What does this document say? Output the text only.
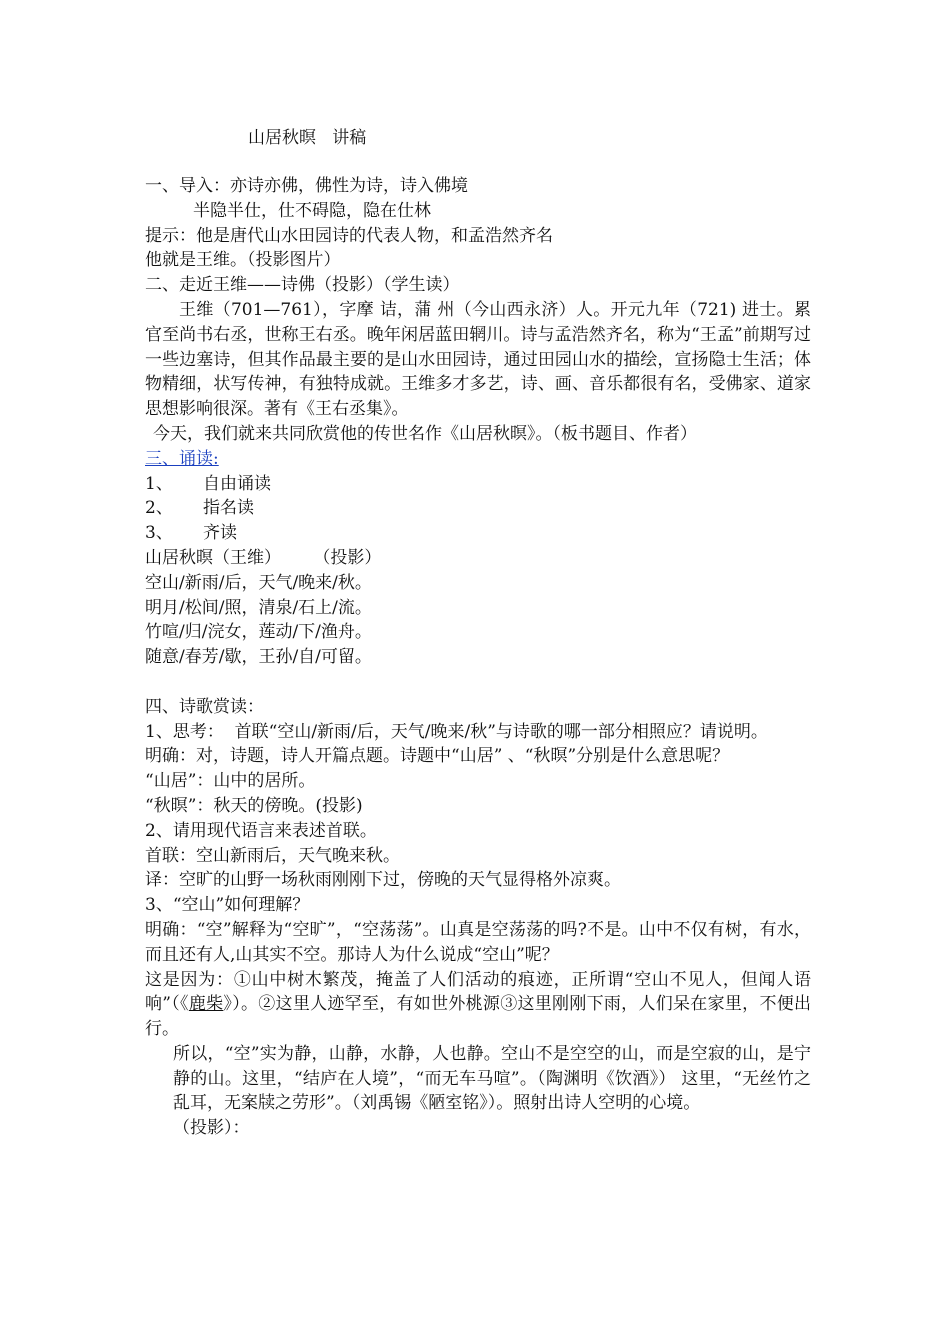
山居秋暝   讲稿

一、导入：亦诗亦佛，佛性为诗，诗入佛境

半隐半仕，仕不碍隐，隐在仕林

提示：他是唐代山水田园诗的代表人物，和孟浩然齐名

他就是王维。（投影图片）

二、走近王维——诗佛（投影）（学生读）

王维（701—761），字摩 诘，蒲 州（今山西永济）人。开元九年（721) 进士。累官至尚书右丞，世称王右丞。晚年闲居蓝田辋川。诗与孟浩然齐名，称为“王孟”前期写过一些边塞诗，但其作品最主要的是山水田园诗，通过田园山水的描绘，宣扬隐士生活；体物精细，状写传神，有独特成就。王维多才多艺，诗、画、音乐都很有名，受佛家、道家思想影响很深。著有《王右丞集》。

今天，我们就来共同欣赏他的传世名作《山居秋暝》。（板书题目、作者）

三、诵读:

1、	自由诵读
2、	指名读
3、	齐读

山居秋暝（王维）      （投影）

空山/新雨/后，天气/晚来/秋。

明月/松间/照，清泉/石上/流。

竹喧/归/浣女，莲动/下/渔舟。

随意/春芳/歇，王孙/自/可留。

四、诗歌赏读：

1、思考：  首联“空山/新雨/后，天气/晚来/秋”与诗歌的哪一部分相照应？请说明。

明确：对，诗题，诗人开篇点题。诗题中“山居” 、“秋暝”分别是什么意思呢？

“山居”：山中的居所。

“秋暝”：秋天的傍晚。(投影)

2、请用现代语言来表述首联。

首联：空山新雨后，天气晚来秋。

译：空旷的山野一场秋雨刚刚下过，傍晚的天气显得格外凉爽。

3、“空山”如何理解？

明确：“空”解释为“空旷”，“空荡荡”。山真是空荡荡的吗?不是。山中不仅有树，有水，而且还有人,山其实不空。那诗人为什么说成“空山”呢？

这是因为：①山中树木繁茂，掩盖了人们活动的痕迹，正所谓“空山不见人，但闻人语响”（《鹿柴》）。②这里人迹罕至，有如世外桃源③这里刚刚下雨，人们呆在家里，不便出行。

所以，“空”实为静，山静，水静，人也静。空山不是空空的山，而是空寂的山，是宁静的山。这里，“结庐在人境”，“而无车马喧”。（陶渊明《饮酒》） 这里，“无丝竹之乱耳，无案牍之劳形”。（刘禹锡《陋室铭》）。照射出诗人空明的心境。

（投影）：
